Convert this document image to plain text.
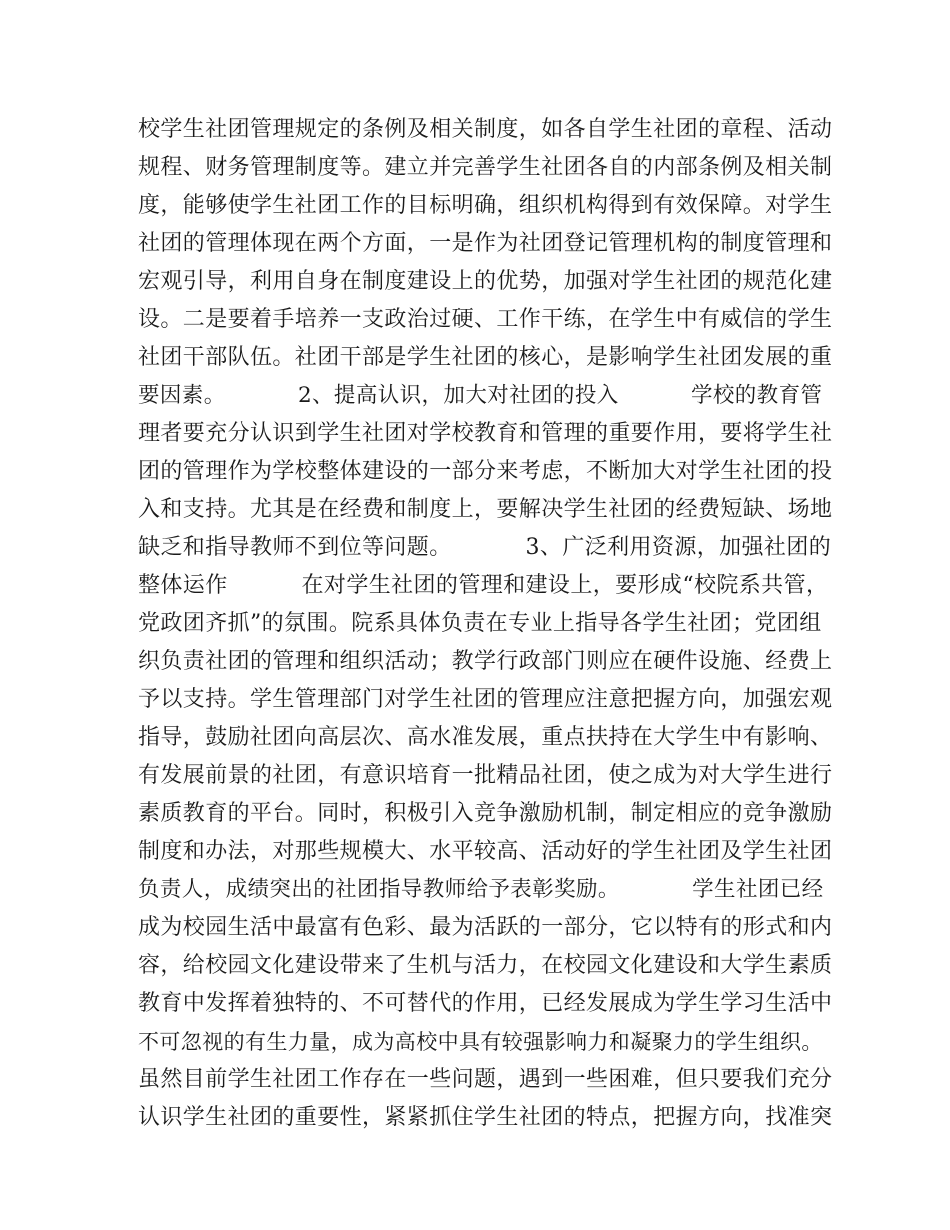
校学生社团管理规定的条例及相关制度，如各自学生社团的章程、活动
规程、财务管理制度等。建立并完善学生社团各自的内部条例及相关制
度，能够使学生社团工作的目标明确，组织机构得到有效保障。对学生
社团的管理体现在两个方面，一是作为社团登记管理机构的制度管理和
宏观引导，利用自身在制度建设上的优势，加强对学生社团的规范化建
设。二是要着手培养一支政治过硬、工作干练，在学生中有威信的学生
社团干部队伍。社团干部是学生社团的核心，是影响学生社团发展的重
要因素。          2、提高认识，加大对社团的投入          学校的教育管
理者要充分认识到学生社团对学校教育和管理的重要作用，要将学生社
团的管理作为学校整体建设的一部分来考虑，不断加大对学生社团的投
入和支持。尤其是在经费和制度上，要解决学生社团的经费短缺、场地
缺乏和指导教师不到位等问题。          3、广泛利用资源，加强社团的
整体运作          在对学生社团的管理和建设上，要形成“校院系共管，
党政团齐抓”的氛围。院系具体负责在专业上指导各学生社团；党团组
织负责社团的管理和组织活动；教学行政部门则应在硬件设施、经费上
予以支持。学生管理部门对学生社团的管理应注意把握方向，加强宏观
指导，鼓励社团向高层次、高水准发展，重点扶持在大学生中有影响、
有发展前景的社团，有意识培育一批精品社团，使之成为对大学生进行
素质教育的平台。同时，积极引入竞争激励机制，制定相应的竞争激励
制度和办法，对那些规模大、水平较高、活动好的学生社团及学生社团
负责人，成绩突出的社团指导教师给予表彰奖励。          学生社团已经
成为校园生活中最富有色彩、最为活跃的一部分，它以特有的形式和内
容，给校园文化建设带来了生机与活力，在校园文化建设和大学生素质
教育中发挥着独特的、不可替代的作用，已经发展成为学生学习生活中
不可忽视的有生力量，成为高校中具有较强影响力和凝聚力的学生组织。
虽然目前学生社团工作存在一些问题，遇到一些困难，但只要我们充分
认识学生社团的重要性，紧紧抓住学生社团的特点，把握方向，找准突
